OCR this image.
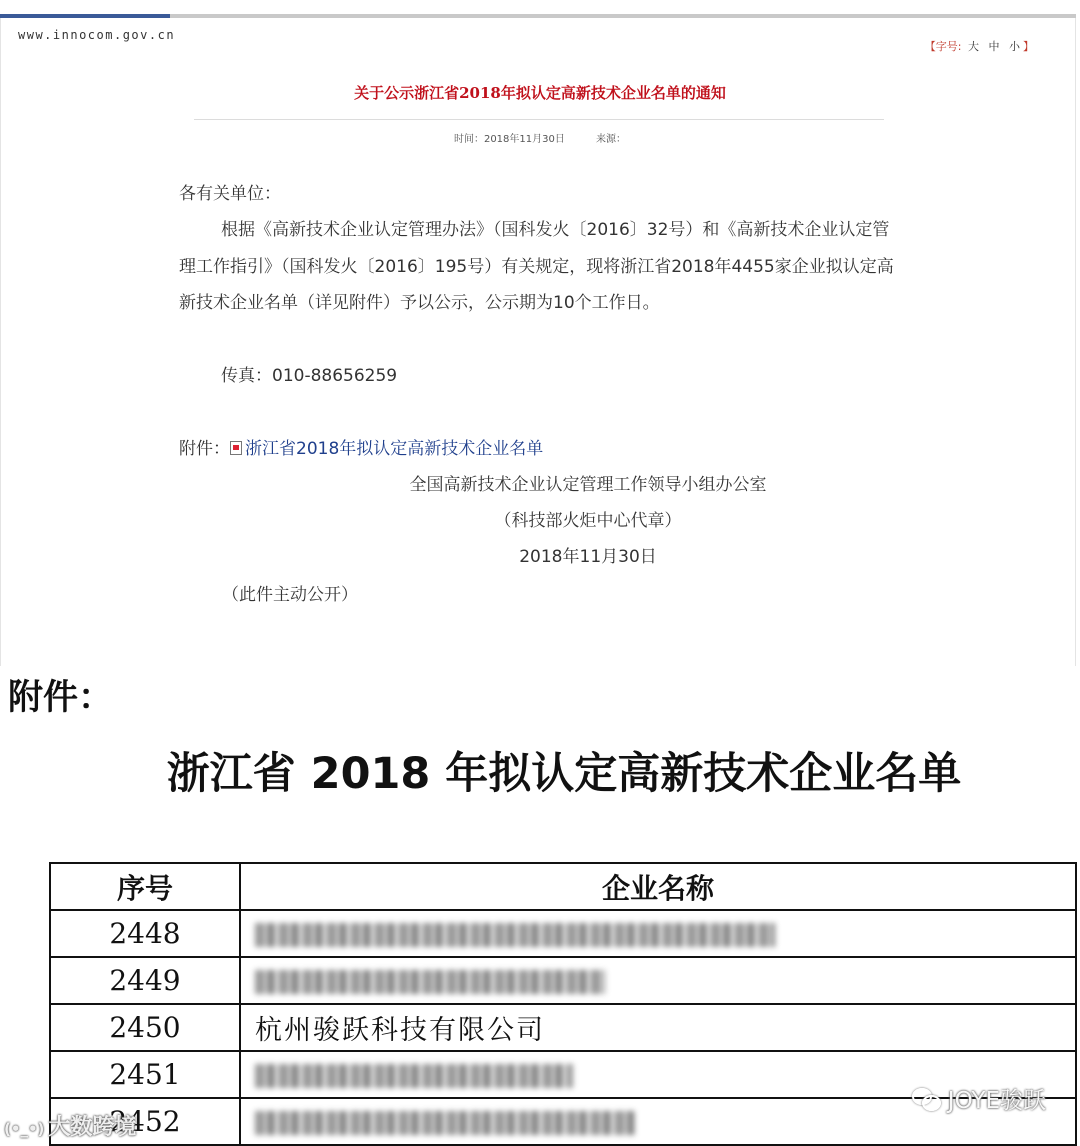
www.innocom.gov.cn
【字号: 大 中 小 】
关于公示浙江省2018年拟认定高新技术企业名单的通知
时间：2018年11月30日	来源：
各有关单位：
根据《高新技术企业认定管理办法》（国科发火〔2016〕32号）和《高新技术企业认定管理工作指引》（国科发火〔2016〕195号）有关规定，现将浙江省2018年4455家企业拟认定高新技术企业名单（详见附件）予以公示，公示期为10个工作日。
传真：010-88656259
附件： 浙江省2018年拟认定高新技术企业名单
全国高新技术企业认定管理工作领导小组办公室
（科技部火炬中心代章）
2018年11月30日
（此件主动公开）
附件：
浙江省 2018 年拟认定高新技术企业名单
序号	企业名称
2448	
2449	
2450	杭州骏跃科技有限公司
2451	
2452	
(•_•) 大数跨境
JOYE骏跃
